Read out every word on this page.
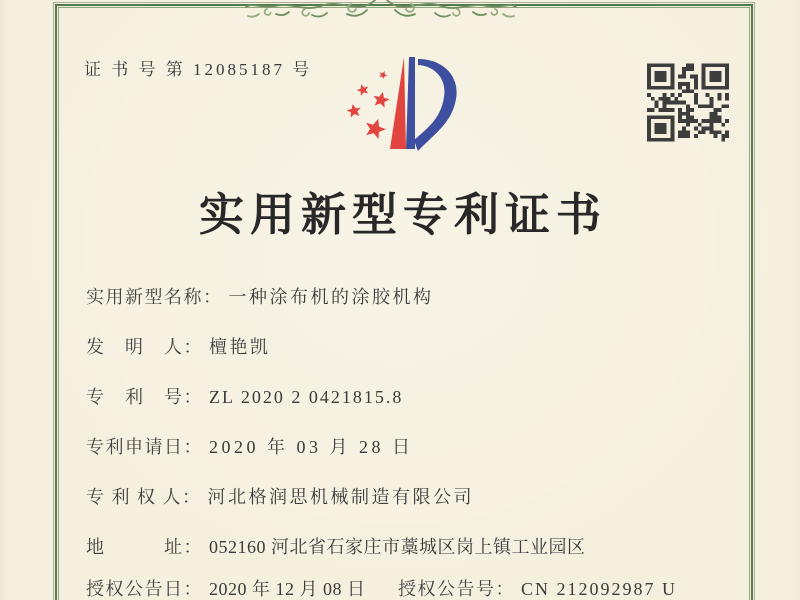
证 书 号 第 12085187 号
实用新型专利证书
实用新型名称： 一种涂布机的涂胶机构
发　明　人： 檀艳凯
专　利　号： ZL 2020 2 0421815.8
专利申请日： 2020 年 03 月 28 日
专 利 权 人： 河北格润思机械制造有限公司
地　　　址： 052160 河北省石家庄市藁城区岗上镇工业园区
授权公告日： 2020 年 12 月 08 日 授权公告号： CN 212092987 U
